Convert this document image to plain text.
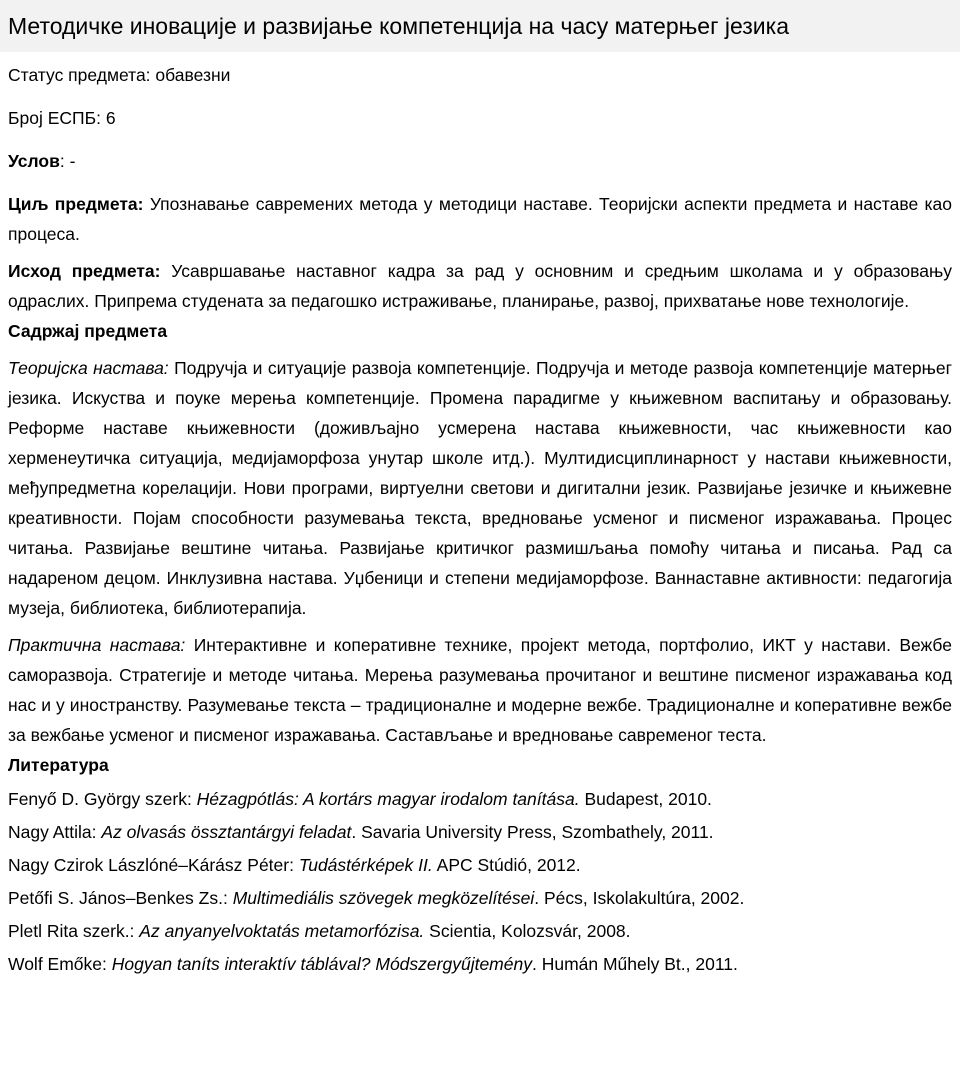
Методичке иновације и развијање компетенција на часу матерњег језика

Статус предмета: обавезни

Број ЕСПБ: 6

Услов: -

Циљ предмета: Упознавање савремених метода у методици наставе. Теоријски аспекти предмета и наставе као процеса.

Исход предмета: Усавршавање наставног кадра за рад у основним и средњим школама и у образовању одраслих. Припрема студената за педагошко истраживање, планирање, развој, прихватање нове технологије.

Садржај предмета

Теоријска настава: Подручја и ситуације развоја компетенције. Подручја и методе развоја компетенције матерњег језика. Искуства и поуке мерења компетенције. Промена парадигме у књижевном васпитању и образовању. Реформе наставе књижевности (доживљајно усмерена настава књижевности, час књижевности као херменеутичка ситуација, медијаморфоза унутар школе итд.). Мултидисциплинарност у настави књижевности, међупредметна корелацији. Нови програми, виртуелни светови и дигитални језик. Развијање језичке и књижевне креативности. Појам способности разумевања текста, вредновање усменог и писменог изражавања. Процес читања. Развијање вештине читања. Развијање критичког размишљања помоћу читања и писања. Рад са надареном децом. Инклузивна настава. Уџбеници и степени медијаморфозе. Ваннаставне активности: педагогија музеја, библиотека, библиотерапија.

Практична настава: Интерактивне и коперативне технике, пројект метода, портфолио, ИКТ у настави. Вежбе саморазвоја. Стратегије и методе читања. Мерења разумевања прочитаног и вештине писменог изражавања код нас и у иностранству. Разумевање текста – традиционалне и модерне вежбе. Традиционалне и коперативне вежбе за вежбање усменог и писменог изражавања. Састављање и вредновање савременог теста.

Литература

Fenyő D. György szerk: Hézagpótlás: A kortárs magyar irodalom tanítása. Budapest, 2010.

Nagy Attila: Az olvasás össztantárgyi feladat. Savaria University Press, Szombathely, 2011.

Nagy Czirok Lászlóné–Kárász Péter: Tudástérképek II. APC Stúdió, 2012.

Petőfi S. János–Benkes Zs.: Multimediális szövegek megközelítései. Pécs, Iskolakultúra, 2002.

Pletl Rita szerk.: Az anyanyelvoktatás metamorfózisa. Scientia, Kolozsvár, 2008.

Wolf Emőke: Hogyan taníts interaktív táblával? Módszergyűjtemény. Humán Műhely Bt., 2011.
